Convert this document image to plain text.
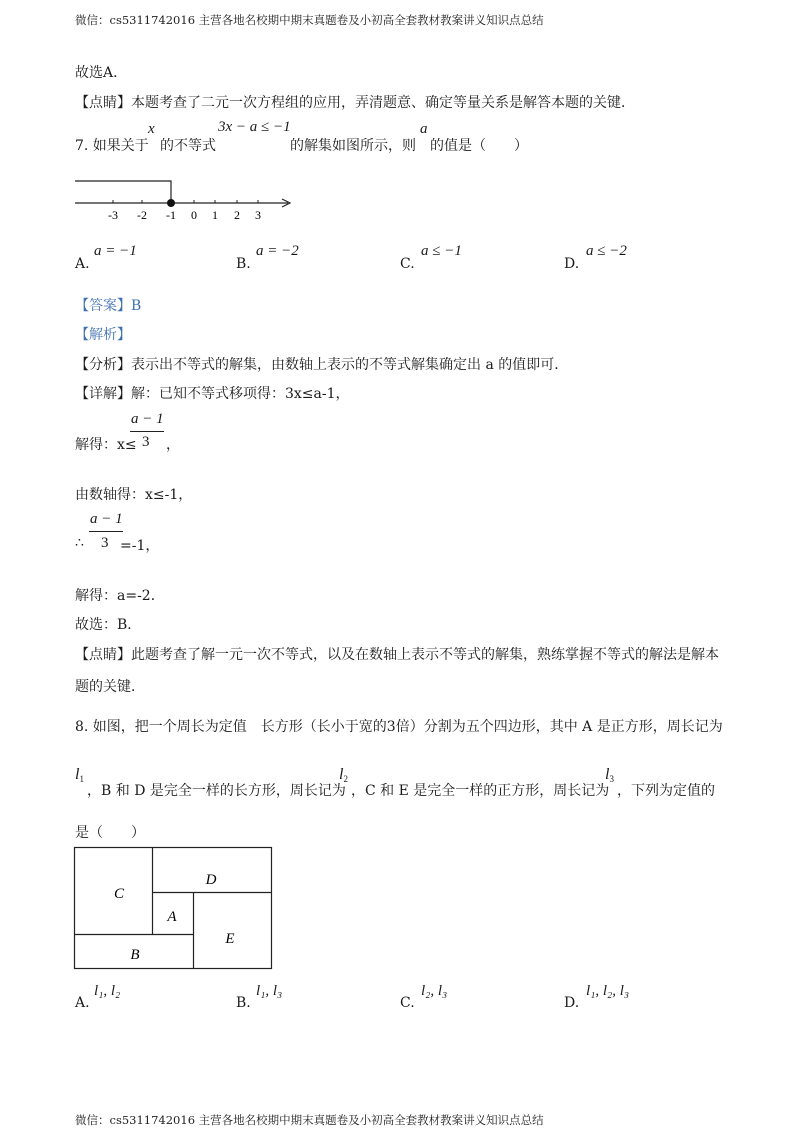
微信：cs5311742016 主营各地名校期中期末真题卷及小初高全套教材教案讲义知识点总结
微信：cs5311742016 主营各地名校期中期末真题卷及小初高全套教材教案讲义知识点总结
故选A．
【点睛】本题考查了二元一次方程组的应用，弄清题意、确定等量关系是解答本题的关键．
7. 如果关于
x
的不等式
3x − a ≤ −1
的解集如图所示，则
a
的值是（　　）
-3 -2 -1 0 1 2 3
A.
a = −1
B.
a = −2
C.
a ≤ −1
D.
a ≤ −2
【答案】B
【解析】
【分析】表示出不等式的解集，由数轴上表示的不等式解集确定出 a 的值即可．
【详解】解：已知不等式移项得：3x≤a-1，
解得：x≤
a − 1
3 ，
由数轴得：x≤-1，
a − 1
∴ 3 =-1，
解得：a=-2．
故选：B．
【点睛】此题考查了解一元一次不等式，以及在数轴上表示不等式的解集，熟练掌握不等式的解法是解本
题的关键．
8. 如图，把一个周长为定值　长方形（长小于宽的3倍）分割为五个四边形，其中 A 是正方形，周长记为
$l_1$
，B 和 D 是完全一样的长方形，周长记为
$l_2$
，C 和 E 是完全一样的正方形，周长记为
$l_3$
，下列为定值的
是（　　）
C
D
A
E
B
A.
l₁, l₂
B.
l₁, l₃
C.
l₂, l₃
D.
l₁, l₂, l₃
